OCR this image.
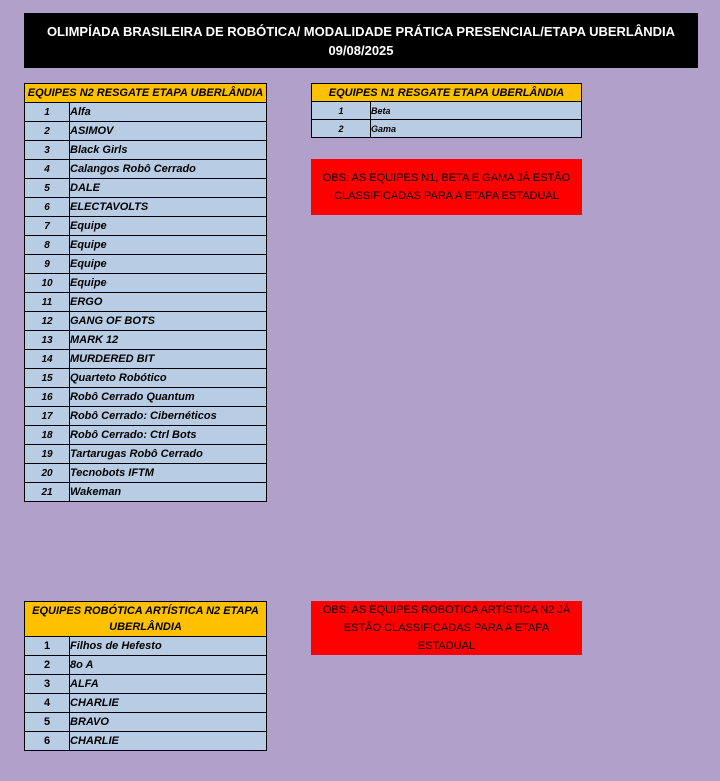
OLIMPÍADA BRASILEIRA DE ROBÓTICA/ MODALIDADE PRÁTICA PRESENCIAL/ETAPA UBERLÂNDIA
09/08/2025
EQUIPES N2 RESGATE ETAPA UBERLÂNDIA	
1	Alfa
2	ASIMOV
3	Black Girls
4	Calangos Robô Cerrado
5	DALE
6	ELECTAVOLTS
7	Equipe
8	Equipe
9	Equipe
10	Equipe
11	ERGO
12	GANG OF BOTS
13	MARK 12
14	MURDERED BIT
15	Quarteto Robótico
16	Robô Cerrado Quantum
17	Robô Cerrado: Cibernéticos
18	Robô Cerrado: Ctrl Bots
19	Tartarugas Robô Cerrado
20	Tecnobots IFTM
21	Wakeman
EQUIPES N1 RESGATE ETAPA UBERLÂNDIA	
1	Beta
2	Gama
OBS: AS EQUIPES N1, BETA E GAMA JÁ ESTÃO CLASSIFICADAS PARA A ETAPA ESTADUAL
EQUIPES ROBÓTICA ARTÍSTICA N2 ETAPA UBERLÂNDIA	
1	Filhos de Hefesto
2	8o A
3	ALFA
4	CHARLIE
5	BRAVO
6	CHARLIE
OBS: AS EQUIPES ROBÓTICA ARTÍSTICA N2 JÁ ESTÃO CLASSIFICADAS PARA A ETAPA ESTADUAL
